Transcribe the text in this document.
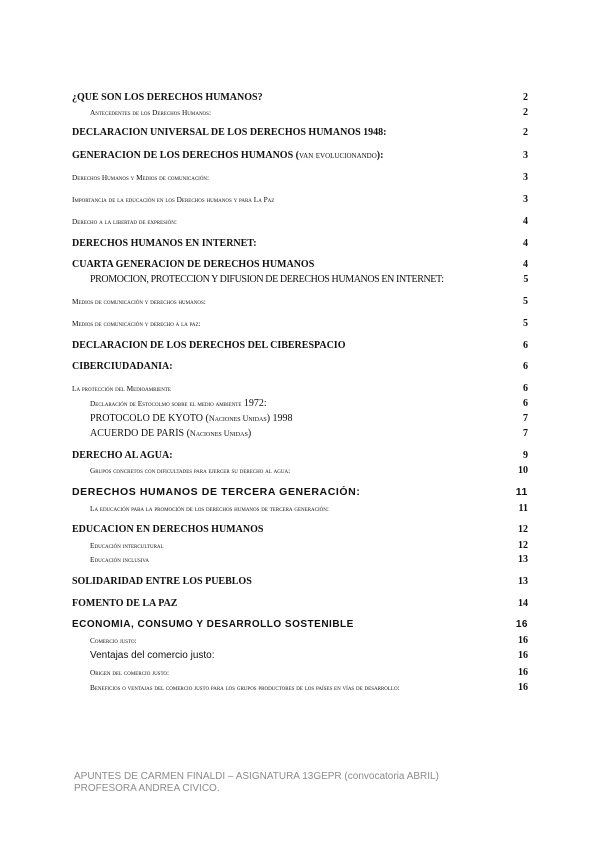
¿QUÉ SON LOS DERECHOS HUMANOS?	2
Antecedentes de los Derechos Humanos:	2
DECLARACIÓN UNIVERSAL DE LOS DERECHOS HUMANOS 1948:	2
GENERACIÓN DE LOS DERECHOS HUMANOS (van evolucionando):	3
Derechos Humanos y Medios de comunicación:	3
Importancia de la educación en los Derechos humanos y para La Paz	3
Derecho a la libertad de expresión:	4
DERECHOS HUMANOS EN INTERNET:	4
CUARTA GENERACIÓN DE DERECHOS HUMANOS	4
PROMOCIÓN, PROTECCIÓN Y DIFUSIÓN DE DERECHOS HUMANOS EN INTERNET:	5
Medios de comunicación y derechos humanos:	5
Medios de comunicación y derecho a la paz:	5
DECLARACIÓN DE LOS DERECHOS DEL CIBERESPACIO	6
CIBERCIUDADANIA:	6
La protección del Medioambiente	6
Declaración de Estocolmo sobre el medio ambiente 1972:	6
PROTOCOLO DE KYOTO (Naciones Unidas) 1998	7
ACUERDO DE PARÍS (Naciones Unidas)	7
DERECHO AL AGUA:	9
Grupos concretos con dificultades para ejercer su derecho al agua:	10
DERECHOS HUMANOS DE TERCERA GENERACIÓN:	11
La educación para la promoción de los derechos humanos de tercera generación:	11
EDUCACIÓN EN DERECHOS HUMANOS	12
Educación intercultural	12
Educación inclusiva	13
SOLIDARIDAD ENTRE LOS PUEBLOS	13
FOMENTO DE LA PAZ	14
ECONOMÍA, CONSUMO Y DESARROLLO SOSTENIBLE	16
Comercio justo:	16
Ventajas del comercio justo:	16
Origen del comercio justo:	16
Beneficios o ventajas del comercio justo para los grupos productores de los países en vías de desarrollo:	16
APUNTES DE CARMEN FINALDI – ASIGNATURA 13GEPR (convocatoria ABRIL)
PROFESORA ANDREA CIVICO.
